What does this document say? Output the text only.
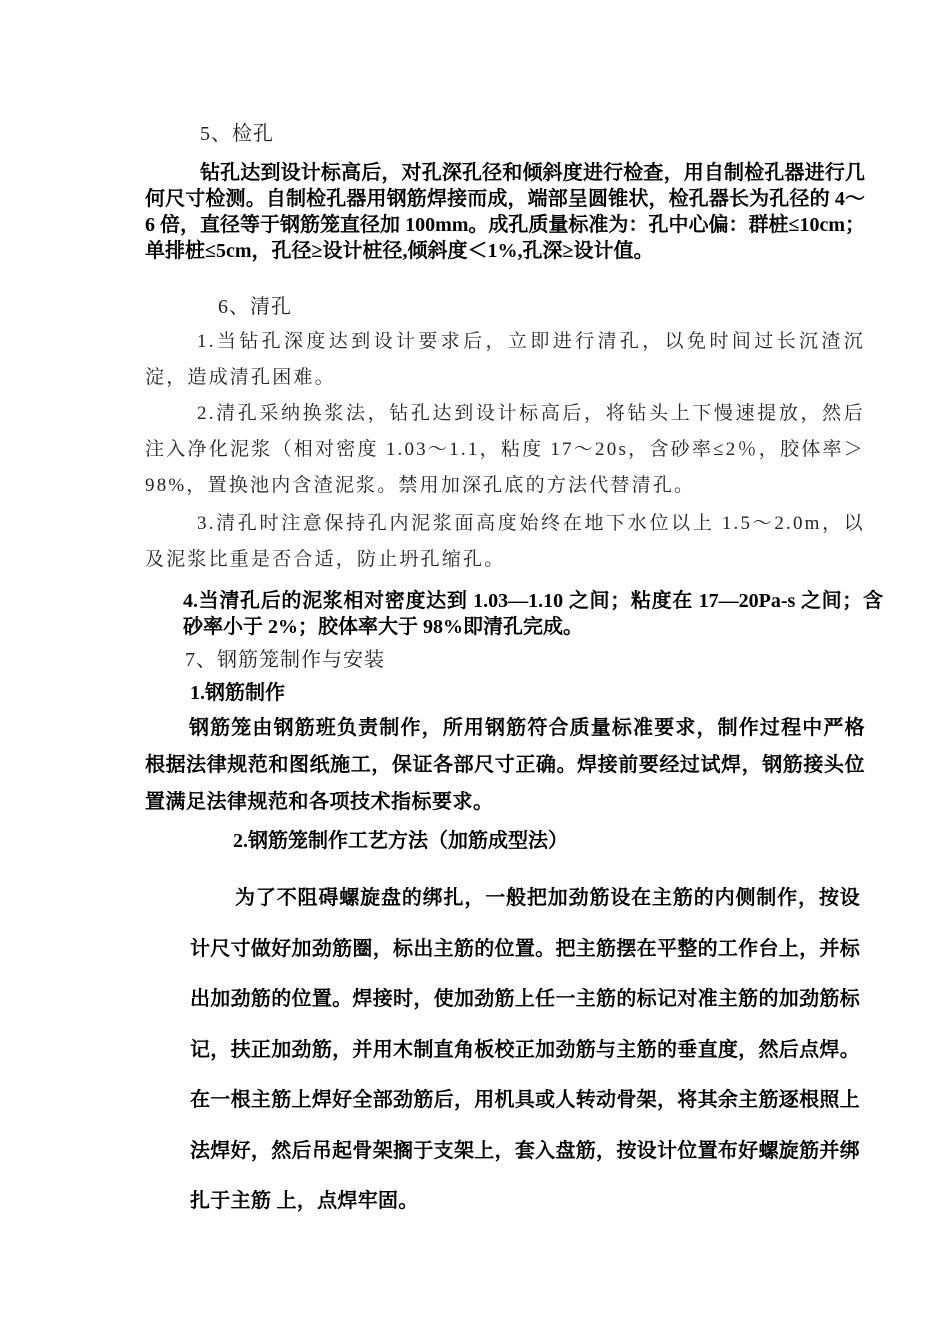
5、检孔

钻孔达到设计标高后，对孔深孔径和倾斜度进行检查，用自制检孔器进行几何尺寸检测。自制检孔器用钢筋焊接而成，端部呈圆锥状，检孔器长为孔径的 4～6 倍，直径等于钢筋笼直径加 100mm。成孔质量标准为：孔中心偏：群桩≤10cm；单排桩≤5cm，孔径≥设计桩径,倾斜度＜1%,孔深≥设计值。

6、清孔

1.当钻孔深度达到设计要求后，立即进行清孔，以免时间过长沉渣沉淀，造成清孔困难。

2.清孔采纳换浆法，钻孔达到设计标高后，将钻头上下慢速提放，然后注入净化泥浆（相对密度 1.03～1.1，粘度 17～20s，含砂率≤2％，胶体率＞98%，置换池内含渣泥浆。禁用加深孔底的方法代替清孔。

3.清孔时注意保持孔内泥浆面高度始终在地下水位以上 1.5～2.0m，以及泥浆比重是否合适，防止坍孔缩孔。

4.当清孔后的泥浆相对密度达到 1.03—1.10 之间；粘度在 17—20Pa-s 之间；含砂率小于 2%；胶体率大于 98%即清孔完成。

7、钢筋笼制作与安装

1.钢筋制作

钢筋笼由钢筋班负责制作，所用钢筋符合质量标准要求，制作过程中严格根据法律规范和图纸施工，保证各部尺寸正确。焊接前要经过试焊，钢筋接头位置满足法律规范和各项技术指标要求。

2.钢筋笼制作工艺方法（加筋成型法）

为了不阻碍螺旋盘的绑扎，一般把加劲筋设在主筋的内侧制作，按设计尺寸做好加劲筋圈，标出主筋的位置。把主筋摆在平整的工作台上，并标出加劲筋的位置。焊接时，使加劲筋上任一主筋的标记对准主筋的加劲筋标记，扶正加劲筋，并用木制直角板校正加劲筋与主筋的垂直度，然后点焊。在一根主筋上焊好全部劲筋后，用机具或人转动骨架，将其余主筋逐根照上法焊好，然后吊起骨架搁于支架上，套入盘筋，按设计位置布好螺旋筋并绑扎于主筋 上，点焊牢固。
